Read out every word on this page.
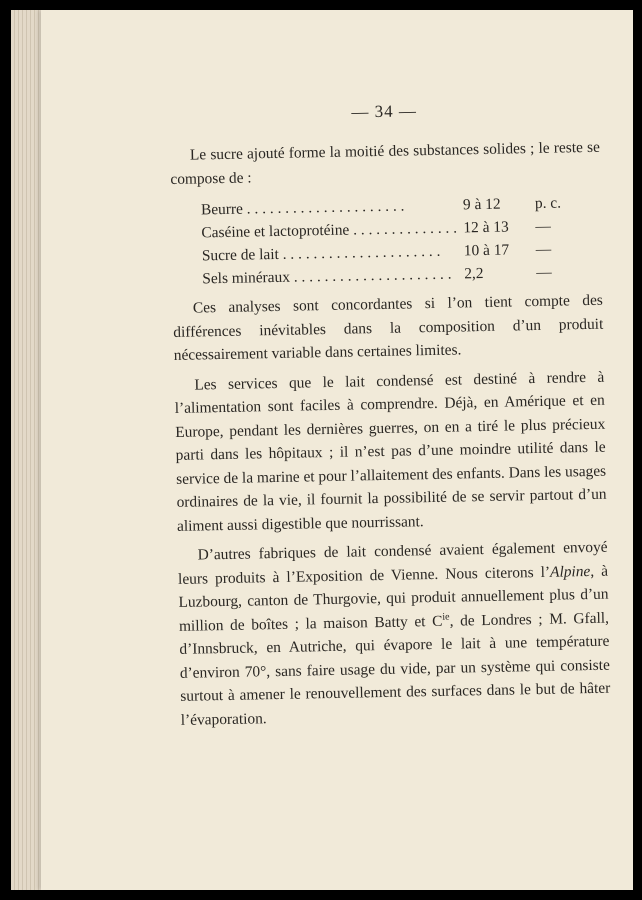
— 34 —

Le sucre ajouté forme la moitié des substances solides ; le reste se compose de :

Beurre . . .	9 à 12	p. c.
Caséine et lactoprotéine . . .	12 à 13	—
Sucre de lait . . .	10 à 17	—
Sels minéraux . . .	2,2	—

Ces analyses sont concordantes si l’on tient compte des différences inévitables dans la composition d’un produit nécessairement variable dans certaines limites.

Les services que le lait condensé est destiné à rendre à l’alimentation sont faciles à comprendre. Déjà, en Amérique et en Europe, pendant les dernières guerres, on en a tiré le plus précieux parti dans les hôpitaux ; il n’est pas d’une moindre utilité dans le service de la marine et pour l’allaitement des enfants. Dans les usages ordinaires de la vie, il fournit la possibilité de se servir partout d’un aliment aussi digestible que nourrissant.

D’autres fabriques de lait condensé avaient également envoyé leurs produits à l’Exposition de Vienne. Nous citerons l’Alpine, à Luzbourg, canton de Thurgovie, qui produit annuellement plus d’un million de boîtes ; la maison Batty et $C^{ie}$, de Londres ; M. Gfall, d’Innsbruck, en Autriche, qui évapore le lait à une température d’environ 70°, sans faire usage du vide, par un système qui consiste surtout à amener le renouvellement des surfaces dans le but de hâter l’évaporation.
